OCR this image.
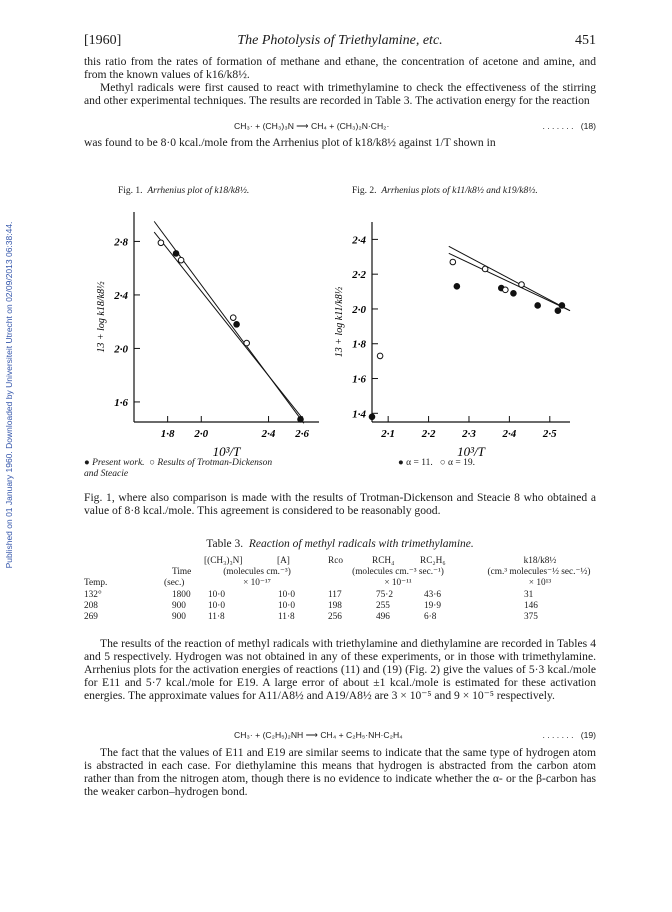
Published on 01 January 1960. Downloaded by Universiteit Utrecht on 02/09/2013 06:38:44.
[1960]	The Photolysis of Triethylamine, etc.	451

this ratio from the rates of formation of methane and ethane, the concentration of acetone and amine, and from the known values of k16/k8½.

Methyl radicals were first caused to react with trimethylamine to check the effectiveness of the stirring and other experimental techniques. The results are recorded in Table 3. The activation energy for the reaction

CH₃· + (CH₃)₃N ⟶ CH₄ + (CH₃)₂N·CH₂·	. . . . . . . (18)

was found to be 8·0 kcal./mole from the Arrhenius plot of k18/k8½ against 1/T shown in

Fig. 1. Arrhenius plot of k18/k8½.
1·6
2·0
2·4
2·8
1·8 2·0	2·4 2·6
13 + log k18/k8½
10³/T
● Present work.  ○ Results of Trotman-Dickenson and Steacie
Fig. 2. Arrhenius plots of k11/k8½ and k19/k8½.
1·4
1·6
1·8
2·0
2·2
2·4
2·1 2·2 2·3 2·4 2·5
13 + log k11/k8½
10³/T
● α = 11.   ○ α = 19.

Fig. 1, where also comparison is made with the results of Trotman-Dickenson and Steacie 8 who obtained a value of 8·8 kcal./mole. This agreement is considered to be reasonably good.

Table 3. Reaction of methyl radicals with trimethylamine.
[(CH₃)₃N]	[A]
Time	(molecules cm.⁻³)
× 10⁻¹⁷
Temp.	(sec.)
Rco	RCH₄	RC₂H₆
(molecules cm.⁻³ sec.⁻¹)
× 10⁻¹¹
k18/k8½
(cm.³ molecules⁻½ sec.⁻½)
× 10¹³
132°	1800 10·0	10·0	117	75·2	43·6	31
208	900 10·0	10·0	198	255	19·9	146
269	900 11·8	11·8	256	496	6·8	375

The results of the reaction of methyl radicals with triethylamine and diethylamine are recorded in Tables 4 and 5 respectively. Hydrogen was not obtained in any of these experiments, or in those with trimethylamine. Arrhenius plots for the activation energies of reactions (11) and (19) (Fig. 2) give the values of 5·3 kcal./mole for E11 and 5·7 kcal./mole for E19. A large error of about ±1 kcal./mole is estimated for these activation energies. The approximate values for A11/A8½ and A19/A8½ are 3 × 10⁻⁵ and 9 × 10⁻⁵ respectively.

CH₃· + (C₂H₅)₂NH ⟶ CH₄ + C₂H₅·NH·C₂H₄	. . . . . . . (19)

The fact that the values of E11 and E19 are similar seems to indicate that the same type of hydrogen atom is abstracted in each case. For diethylamine this means that hydrogen is abstracted from the carbon atom rather than from the nitrogen atom, though there is no evidence to indicate whether the α- or the β-carbon has the weaker carbon–hydrogen bond.
